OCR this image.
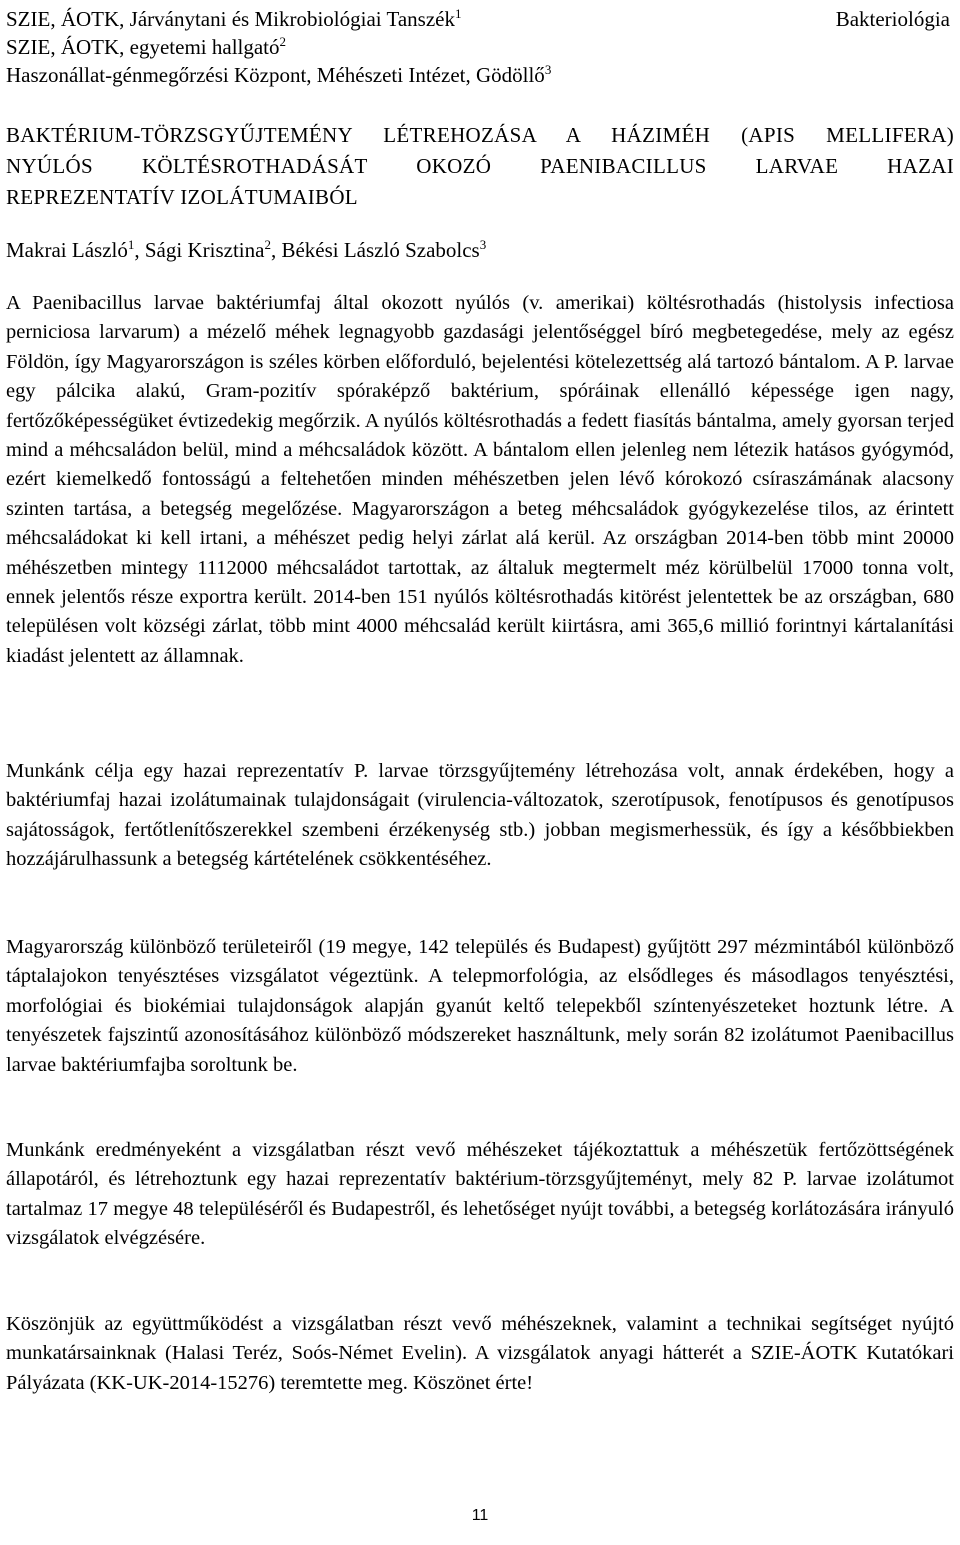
SZIE, ÁOTK, Járványtani és Mikrobiológiai Tanszék$^1$
SZIE, ÁOTK, egyetemi hallgató$^2$
Haszonállat-génmegőrzési Központ, Méhészeti Intézet, Gödöllő$^3$
Bakteriológia
BAKTÉRIUM-TÖRZSGYŰJTEMÉNY LÉTREHOZÁSA A HÁZIMÉH (APIS MELLIFERA)
NYÚLÓS KÖLTÉSROTHADÁSÁT OKOZÓ PAENIBACILLUS LARVAE HAZAI
REPREZENTATÍV IZOLÁTUMAIBÓL
Makrai László$^1$, Sági Krisztina$^2$, Békési László Szabolcs$^3$

A Paenibacillus larvae baktériumfaj által okozott nyúlós (v. amerikai) költésrothadás (histolysis infectiosa perniciosa larvarum) a mézelő méhek legnagyobb gazdasági jelentőséggel bíró megbetegedése, mely az egész Földön, így Magyarországon is széles körben előforduló, bejelentési kötelezettség alá tartozó bántalom. A P. larvae egy pálcika alakú, Gram-pozitív spóraképző baktérium, spóráinak ellenálló képessége igen nagy, fertőzőképességüket évtizedekig megőrzik. A nyúlós költésrothadás a fedett fiasítás bántalma, amely gyorsan terjed mind a méhcsaládon belül, mind a méhcsaládok között. A bántalom ellen jelenleg nem létezik hatásos gyógymód, ezért kiemelkedő fontosságú a feltehetően minden méhészetben jelen lévő kórokozó csíraszámának alacsony szinten tartása, a betegség megelőzése. Magyarországon a beteg méhcsaládok gyógykezelése tilos, az érintett méhcsaládokat ki kell irtani, a méhészet pedig helyi zárlat alá kerül. Az országban 2014-ben több mint 20000 méhészetben mintegy 1112000 méhcsaládot tartottak, az általuk megtermelt méz körülbelül 17000 tonna volt, ennek jelentős része exportra került. 2014-ben 151 nyúlós költésrothadás kitörést jelentettek be az országban, 680 településen volt községi zárlat, több mint 4000 méhcsalád került kiirtásra, ami 365,6 millió forintnyi kártalanítási kiadást jelentett az államnak.

Munkánk célja egy hazai reprezentatív P. larvae törzsgyűjtemény létrehozása volt, annak érdekében, hogy a baktériumfaj hazai izolátumainak tulajdonságait (virulencia-változatok, szerotípusok, fenotípusos és genotípusos sajátosságok, fertőtlenítőszerekkel szembeni érzékenység stb.) jobban megismerhessük, és így a későbbiekben hozzájárulhassunk a betegség kártételének csökkentéséhez.

Magyarország különböző területeiről (19 megye, 142 település és Budapest) gyűjtött 297 mézmintából különböző táptalajokon tenyésztéses vizsgálatot végeztünk. A telepmorfológia, az elsődleges és másodlagos tenyésztési, morfológiai és biokémiai tulajdonságok alapján gyanút keltő telepekből színtenyészeteket hoztunk létre. A tenyészetek fajszintű azonosításához különböző módszereket használtunk, mely során 82 izolátumot Paenibacillus larvae baktériumfajba soroltunk be.

Munkánk eredményeként a vizsgálatban részt vevő méhészeket tájékoztattuk a méhészetük fertőzöttségének állapotáról, és létrehoztunk egy hazai reprezentatív baktérium-törzsgyűjteményt, mely 82 P. larvae izolátumot tartalmaz 17 megye 48 településéről és Budapestről, és lehetőséget nyújt további, a betegség korlátozására irányuló vizsgálatok elvégzésére.

Köszönjük az együttműködést a vizsgálatban részt vevő méhészeknek, valamint a technikai segítséget nyújtó munkatársainknak (Halasi Teréz, Soós-Német Evelin). A vizsgálatok anyagi hátterét a SZIE-ÁOTK Kutatókari Pályázata (KK-UK-2014-15276) teremtette meg. Köszönet érte!

11
